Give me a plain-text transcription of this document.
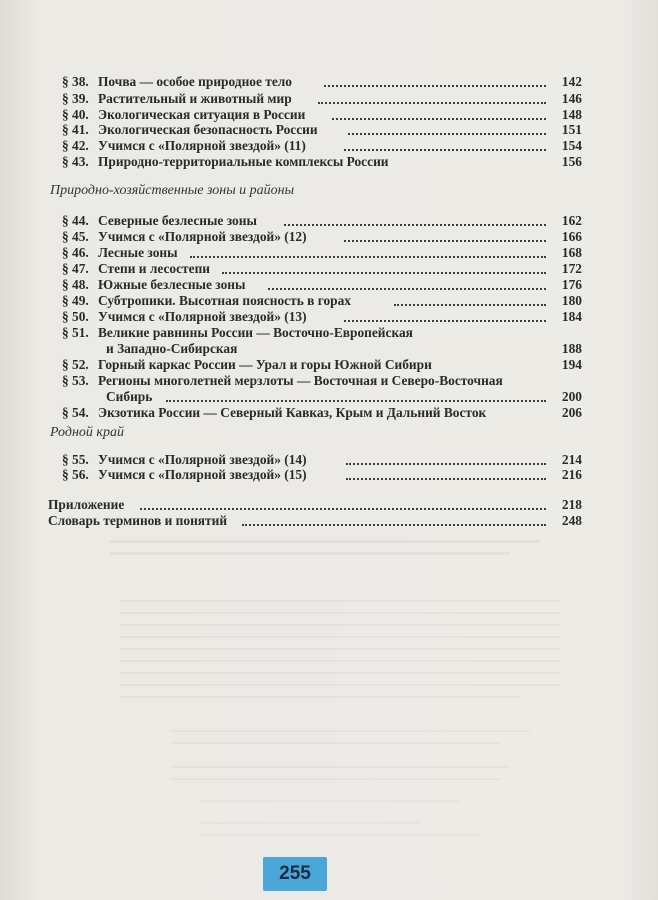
§ 38. Почва — особое природное тело	142
§ 39. Растительный и животный мир	146
§ 40. Экологическая ситуация в России	148
§ 41. Экологическая безопасность России	151
§ 42. Учимся с «Полярной звездой» (11)	154
§ 43. Природно-территориальные комплексы России	156
Природно-хозяйственные зоны и районы
§ 44. Северные безлесные зоны	162
§ 45. Учимся с «Полярной звездой» (12)	166
§ 46. Лесные зоны	168
§ 47. Степи и лесостепи	172
§ 48. Южные безлесные зоны	176
§ 49. Субтропики. Высотная поясность в горах	180
§ 50. Учимся с «Полярной звездой» (13)	184
§ 51. Великие равнины России — Восточно-Европейская
и Западно-Сибирская	188
§ 52. Горный каркас России — Урал и горы Южной Сибири	194
§ 53. Регионы многолетней мерзлоты — Восточная и Северо-Восточная
Сибирь	200
§ 54. Экзотика России — Северный Кавказ, Крым и Дальний Восток	206
Родной край
§ 55. Учимся с «Полярной звездой» (14)	214
§ 56. Учимся с «Полярной звездой» (15)	216
Приложение	218
Словарь терминов и понятий	248
255
